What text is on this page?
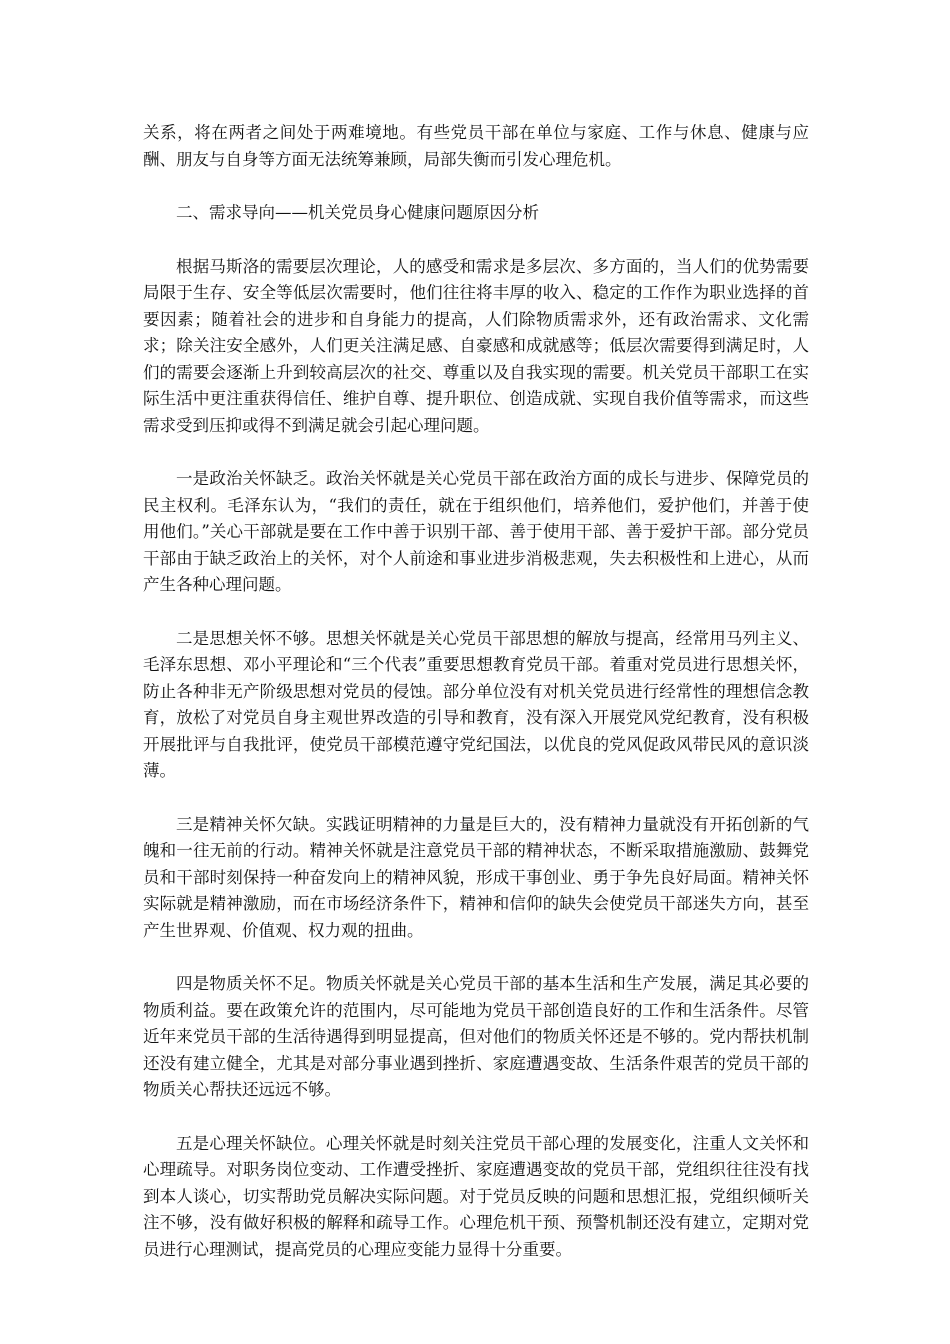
关系，将在两者之间处于两难境地。有些党员干部在单位与家庭、工作与休息、健康与应酬、朋友与自身等方面无法统筹兼顾，局部失衡而引发心理危机。

二、需求导向——机关党员身心健康问题原因分析

根据马斯洛的需要层次理论，人的感受和需求是多层次、多方面的，当人们的优势需要局限于生存、安全等低层次需要时，他们往往将丰厚的收入、稳定的工作作为职业选择的首要因素；随着社会的进步和自身能力的提高，人们除物质需求外，还有政治需求、文化需求；除关注安全感外，人们更关注满足感、自豪感和成就感等；低层次需要得到满足时，人们的需要会逐渐上升到较高层次的社交、尊重以及自我实现的需要。机关党员干部职工在实际生活中更注重获得信任、维护自尊、提升职位、创造成就、实现自我价值等需求，而这些需求受到压抑或得不到满足就会引起心理问题。

一是政治关怀缺乏。政治关怀就是关心党员干部在政治方面的成长与进步、保障党员的民主权利。毛泽东认为，“我们的责任，就在于组织他们，培养他们，爱护他们，并善于使用他们。”关心干部就是要在工作中善于识别干部、善于使用干部、善于爱护干部。部分党员干部由于缺乏政治上的关怀，对个人前途和事业进步消极悲观，失去积极性和上进心，从而产生各种心理问题。

二是思想关怀不够。思想关怀就是关心党员干部思想的解放与提高，经常用马列主义、毛泽东思想、邓小平理论和“三个代表”重要思想教育党员干部。着重对党员进行思想关怀，防止各种非无产阶级思想对党员的侵蚀。部分单位没有对机关党员进行经常性的理想信念教育，放松了对党员自身主观世界改造的引导和教育，没有深入开展党风党纪教育，没有积极开展批评与自我批评，使党员干部模范遵守党纪国法，以优良的党风促政风带民风的意识淡薄。

三是精神关怀欠缺。实践证明精神的力量是巨大的，没有精神力量就没有开拓创新的气魄和一往无前的行动。精神关怀就是注意党员干部的精神状态，不断采取措施激励、鼓舞党员和干部时刻保持一种奋发向上的精神风貌，形成干事创业、勇于争先良好局面。精神关怀实际就是精神激励，而在市场经济条件下，精神和信仰的缺失会使党员干部迷失方向，甚至产生世界观、价值观、权力观的扭曲。

四是物质关怀不足。物质关怀就是关心党员干部的基本生活和生产发展，满足其必要的物质利益。要在政策允许的范围内，尽可能地为党员干部创造良好的工作和生活条件。尽管近年来党员干部的生活待遇得到明显提高，但对他们的物质关怀还是不够的。党内帮扶机制还没有建立健全，尤其是对部分事业遇到挫折、家庭遭遇变故、生活条件艰苦的党员干部的物质关心帮扶还远远不够。

五是心理关怀缺位。心理关怀就是时刻关注党员干部心理的发展变化，注重人文关怀和心理疏导。对职务岗位变动、工作遭受挫折、家庭遭遇变故的党员干部，党组织往往没有找到本人谈心，切实帮助党员解决实际问题。对于党员反映的问题和思想汇报，党组织倾听关注不够，没有做好积极的解释和疏导工作。心理危机干预、预警机制还没有建立，定期对党员进行心理测试，提高党员的心理应变能力显得十分重要。
